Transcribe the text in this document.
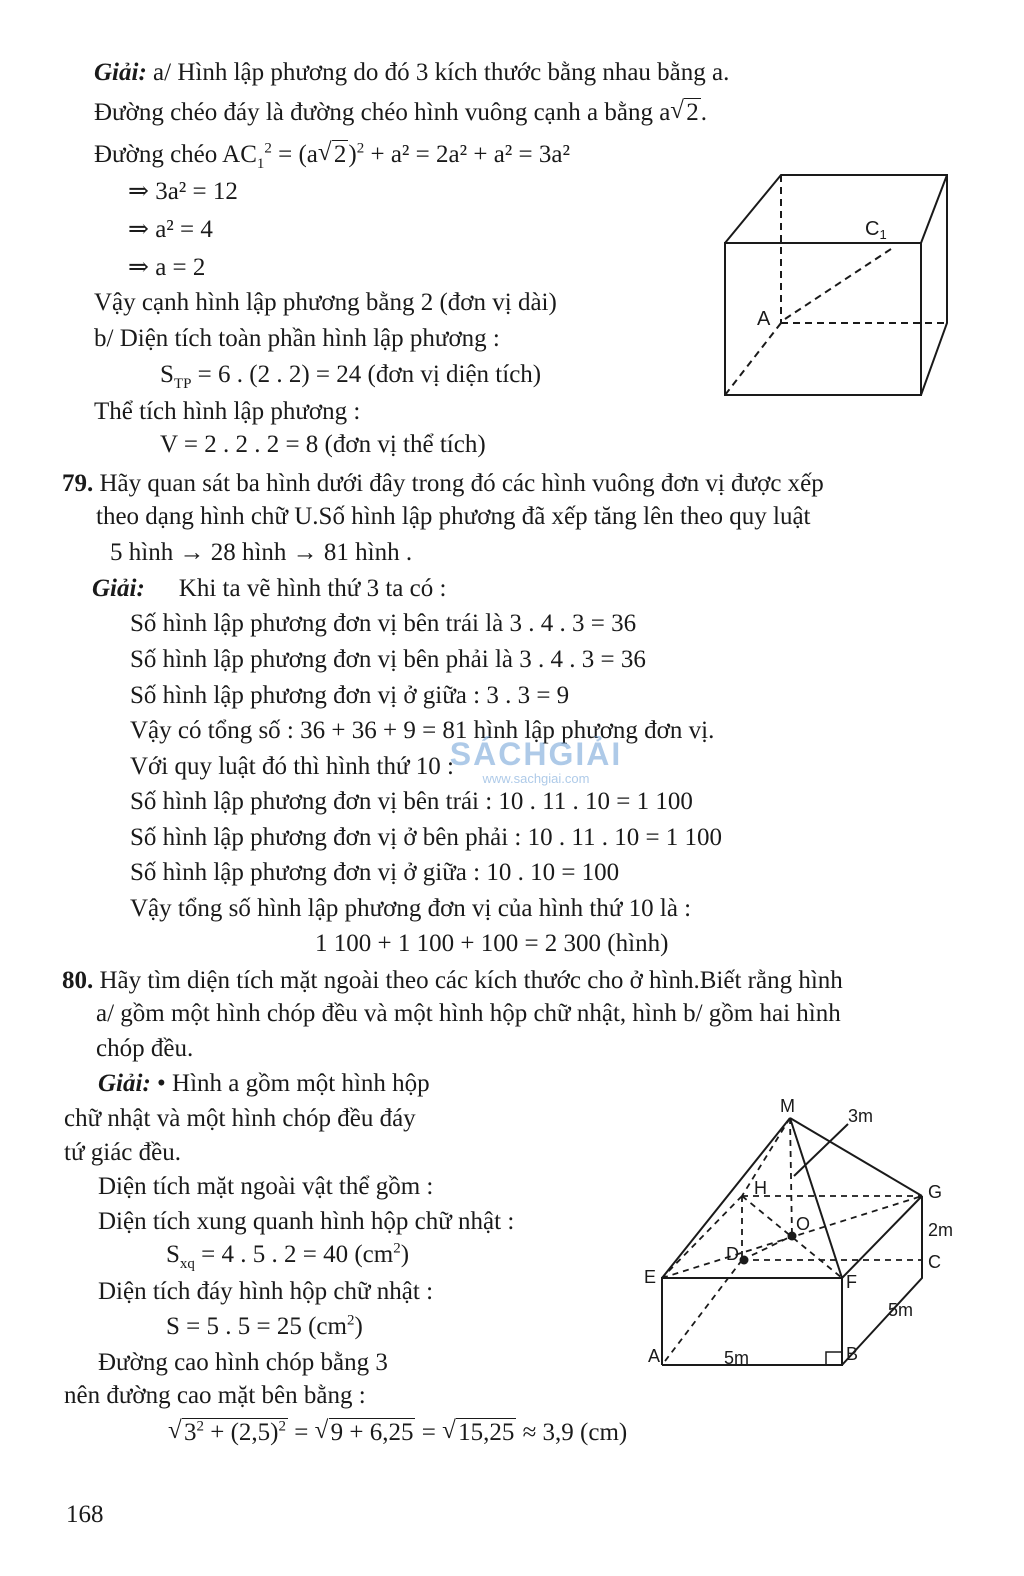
Giải: a/ Hình lập phương do đó 3 kích thước bằng nhau bằng a.
Đường chéo đáy là đường chéo hình vuông cạnh a bằng a√ 2.
Đường chéo $AC_1^2 = (a√$ 2)$^2$ + a² = 2a² + a² = 3a²
⇒ 3a² = 12
⇒ a² = 4
⇒ a = 2
Vậy cạnh hình lập phương bằng 2 (đơn vị dài)
b/ Diện tích toàn phần hình lập phương :
$S_{TP} = 6$ . (2 . 2) = 24 (đơn vị diện tích)
Thể tích hình lập phương :
V = 2 . 2 . 2 = 8 (đơn vị thể tích)
$C_1$
A
79. Hãy quan sát ba hình dưới đây trong đó các hình vuông đơn vị được xếp
theo dạng hình chữ U.Số hình lập phương đã xếp tăng lên theo quy luật
5 hình → 28 hình → 81 hình .
Giải: Khi ta vẽ hình thứ 3 ta có :
Số hình lập phương đơn vị bên trái là 3 . 4 . 3 = 36
Số hình lập phương đơn vị bên phải là 3 . 4 . 3 = 36
Số hình lập phương đơn vị ở giữa : 3 . 3 = 9
Vậy có tổng số : 36 + 36 + 9 = 81 hình lập phương đơn vị.
Với quy luật đó thì hình thứ 10 :
Số hình lập phương đơn vị bên trái : 10 . 11 . 10 = 1 100
Số hình lập phương đơn vị ở bên phải : 10 . 11 . 10 = 1 100
Số hình lập phương đơn vị ở giữa : 10 . 10 = 100
Vậy tổng số hình lập phương đơn vị của hình thứ 10 là :
1 100 + 1 100 + 100 = 2 300 (hình)
SÁCHGIẢI
www.sachgiai.com
80. Hãy tìm diện tích mặt ngoài theo các kích thước cho ở hình.Biết rằng hình
a/ gồm một hình chóp đều và một hình hộp chữ nhật, hình b/ gồm hai hình
chóp đều.
Giải: • Hình a gồm một hình hộp
chữ nhật và một hình chóp đều đáy
tứ giác đều.
Diện tích mặt ngoài vật thể gồm :
Diện tích xung quanh hình hộp chữ nhật :
$S_{xq} = 4$ . 5 . 2 = 40 $(cm^2)$
Diện tích đáy hình hộp chữ nhật :
S = 5 . 5 = 25 $(cm^2)$
Đường cao hình chóp bằng 3
nên đường cao mặt bên bằng :
√ $3^2 + (2,5)^2$ = √ 9 + 6,25 = √ 15,25 ≈ 3,9 (cm)
M	3m
H	G
O
D
2m
C
E	F
5m
A	5m	B
168
